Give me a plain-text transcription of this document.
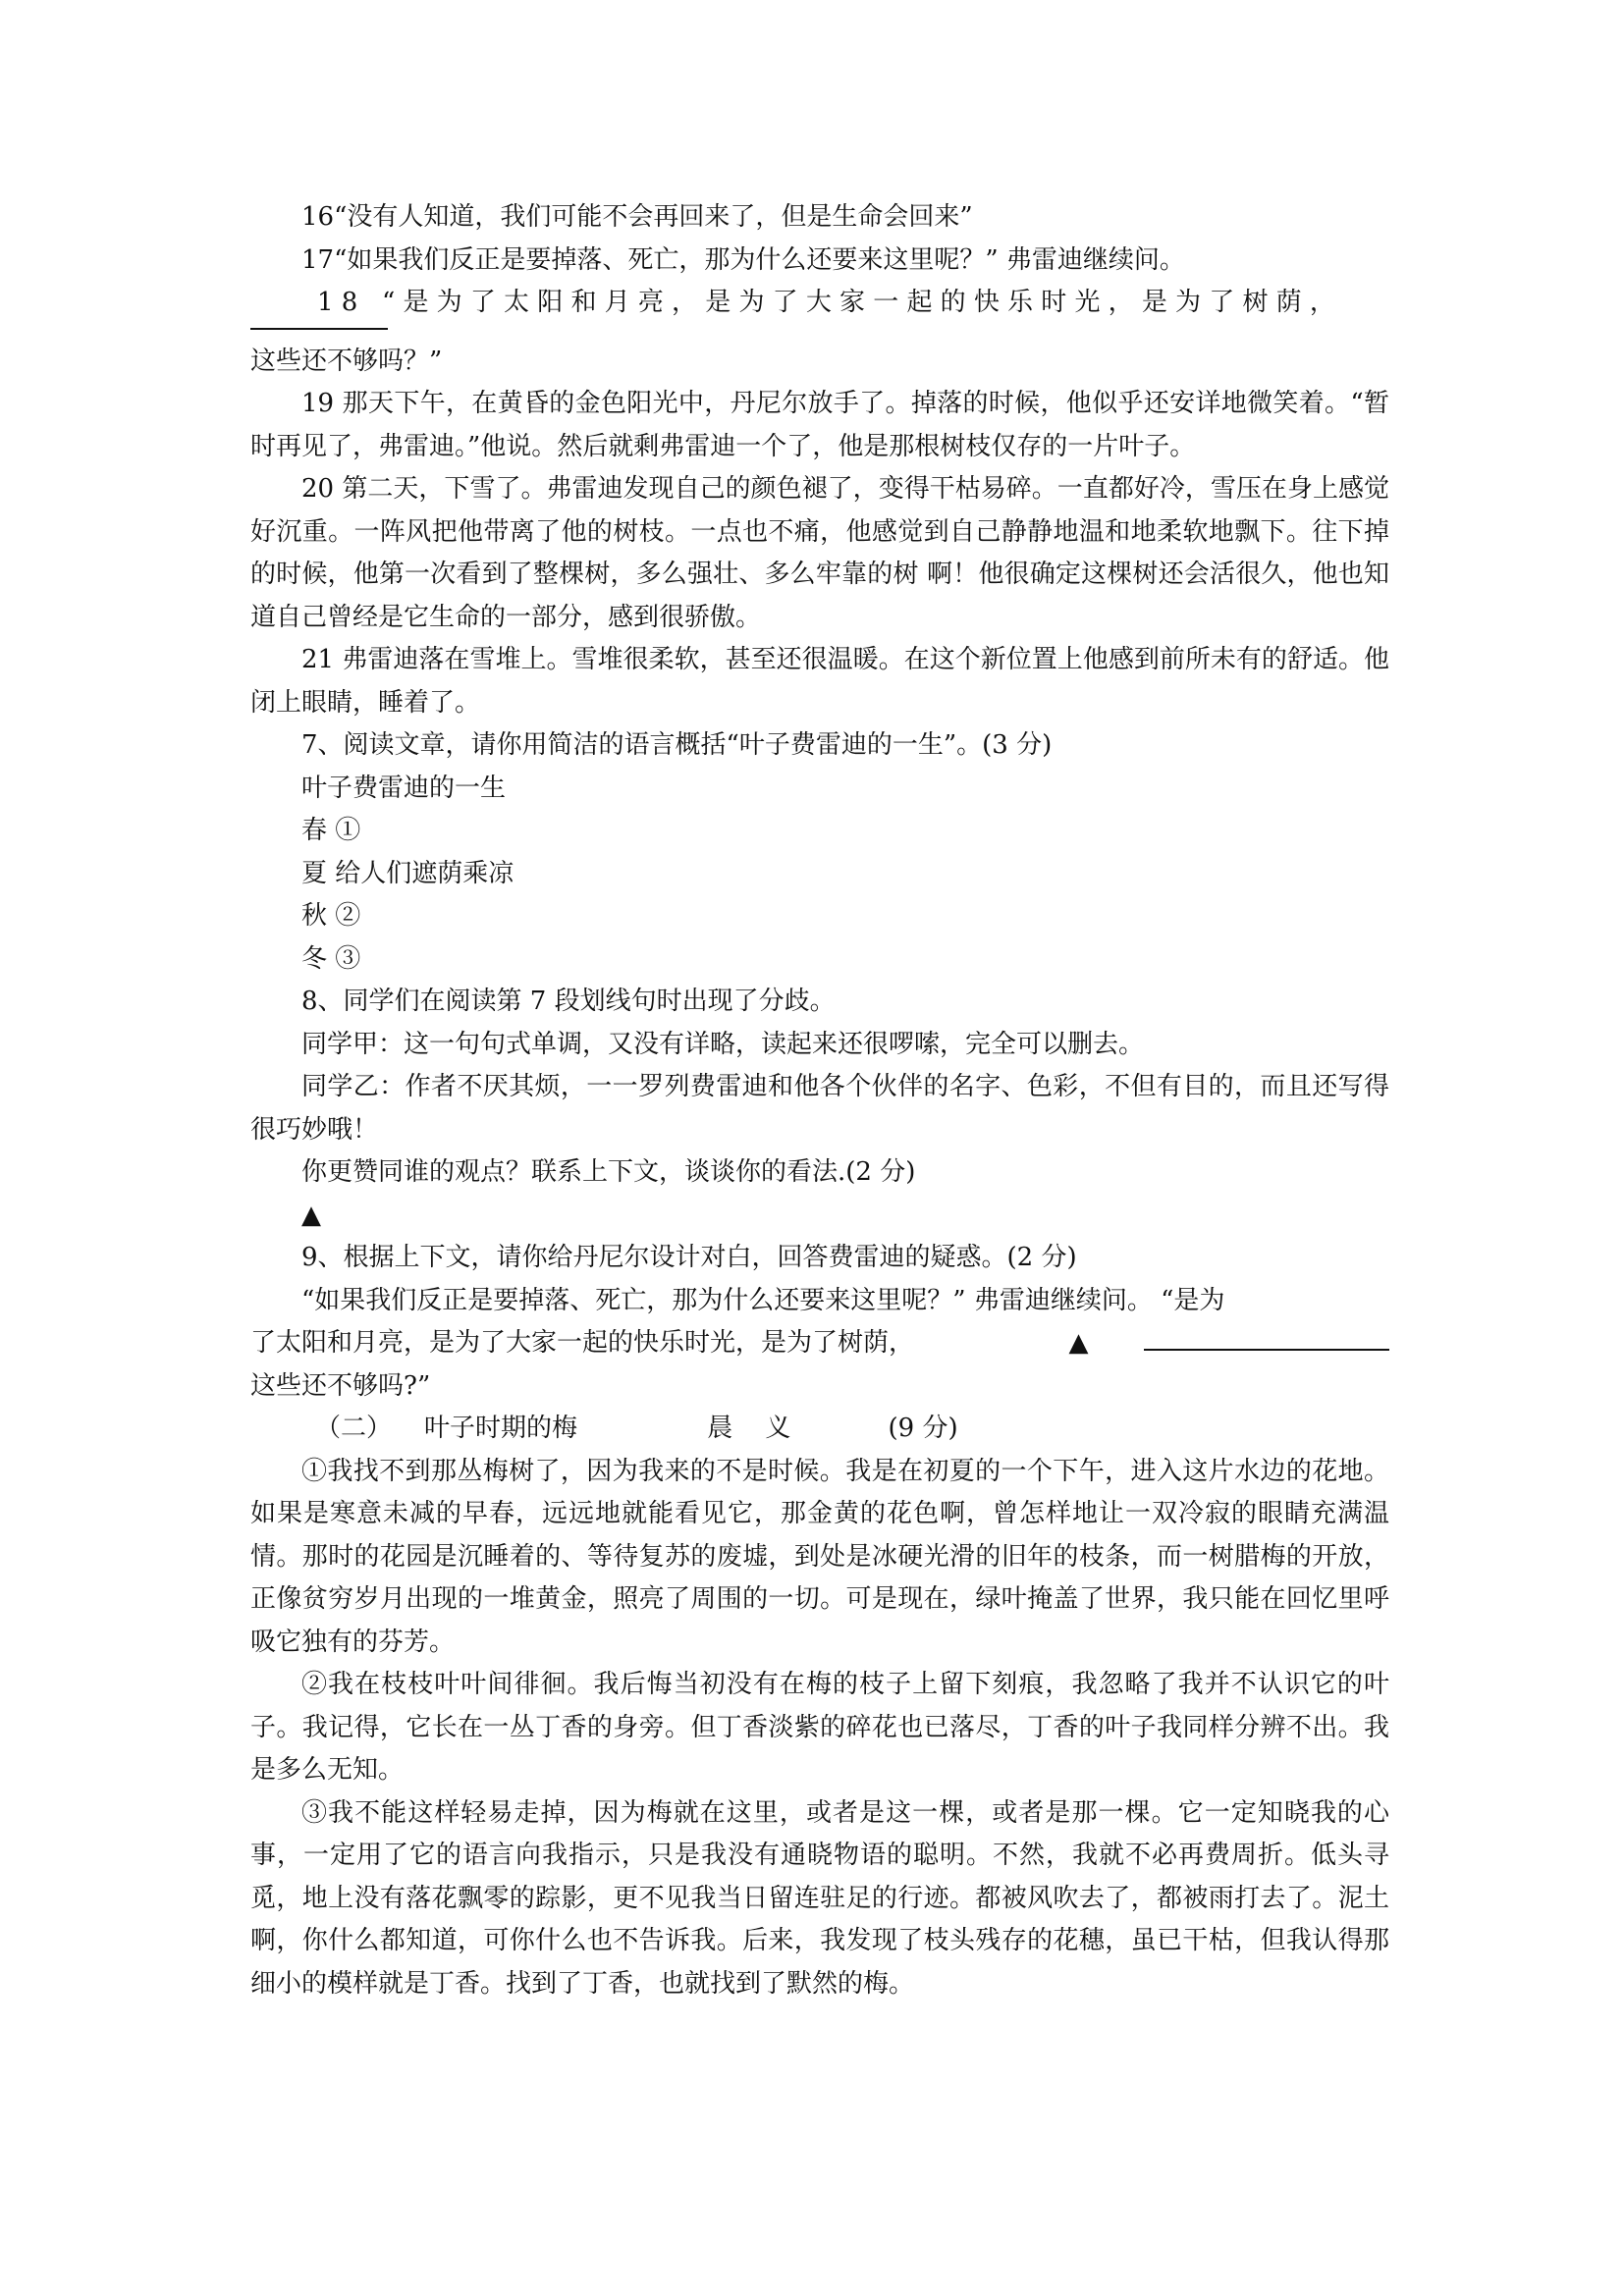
16“没有人知道，我们可能不会再回来了，但是生命会回来”

17“如果我们反正是要掉落、死亡，那为什么还要来这里呢？” 弗雷迪继续问。

18 “是为了太阳和月亮，是为了大家一起的快乐时光，是为了树荫，

这些还不够吗？”

19 那天下午，在黄昏的金色阳光中，丹尼尔放手了。掉落的时候，他似乎还安详地微笑着。“暂时再见了，弗雷迪。”他说。然后就剩弗雷迪一个了，他是那根树枝仅存的一片叶子。

20 第二天，下雪了。弗雷迪发现自己的颜色褪了，变得干枯易碎。一直都好冷，雪压在身上感觉好沉重。一阵风把他带离了他的树枝。一点也不痛，他感觉到自己静静地温和地柔软地飘下。往下掉的时候，他第一次看到了整棵树，多么强壮、多么牢靠的树 啊！他很确定这棵树还会活很久，他也知道自己曾经是它生命的一部分，感到很骄傲。

21 弗雷迪落在雪堆上。雪堆很柔软，甚至还很温暖。在这个新位置上他感到前所未有的舒适。他闭上眼睛，睡着了。

7、阅读文章，请你用简洁的语言概括“叶子费雷迪的一生”。(3 分)

叶子费雷迪的一生

春 ①

夏 给人们遮荫乘凉

秋 ②

冬 ③

8、同学们在阅读第 7 段划线句时出现了分歧。

同学甲：这一句句式单调，又没有详略，读起来还很啰嗦，完全可以删去。

同学乙：作者不厌其烦，一一罗列费雷迪和他各个伙伴的名字、色彩，不但有目的，而且还写得很巧妙哦！

你更赞同谁的观点？联系上下文，谈谈你的看法.(2 分)

▲

9、根据上下文，请你给丹尼尔设计对白，回答费雷迪的疑惑。(2 分)

“如果我们反正是要掉落、死亡，那为什么还要来这里呢？” 弗雷迪继续问。 “是为

了太阳和月亮，是为了大家一起的快乐时光，是为了树荫，	▲

这些还不够吗?”

（二）    叶子时期的梅                晨    义            (9 分)

①我找不到那丛梅树了，因为我来的不是时候。我是在初夏的一个下午，进入这片水边的花地。如果是寒意未减的早春，远远地就能看见它，那金黄的花色啊，曾怎样地让一双冷寂的眼睛充满温情。那时的花园是沉睡着的、等待复苏的废墟，到处是冰硬光滑的旧年的枝条，而一树腊梅的开放，正像贫穷岁月出现的一堆黄金，照亮了周围的一切。可是现在，绿叶掩盖了世界，我只能在回忆里呼吸它独有的芬芳。

②我在枝枝叶叶间徘徊。我后悔当初没有在梅的枝子上留下刻痕，我忽略了我并不认识它的叶子。我记得，它长在一丛丁香的身旁。但丁香淡紫的碎花也已落尽，丁香的叶子我同样分辨不出。我是多么无知。

③我不能这样轻易走掉，因为梅就在这里，或者是这一棵，或者是那一棵。它一定知晓我的心事，一定用了它的语言向我指示，只是我没有通晓物语的聪明。不然，我就不必再费周折。低头寻觅，地上没有落花飘零的踪影，更不见我当日留连驻足的行迹。都被风吹去了，都被雨打去了。泥土啊，你什么都知道，可你什么也不告诉我。后来，我发现了枝头残存的花穗，虽已干枯，但我认得那细小的模样就是丁香。找到了丁香，也就找到了默然的梅。
